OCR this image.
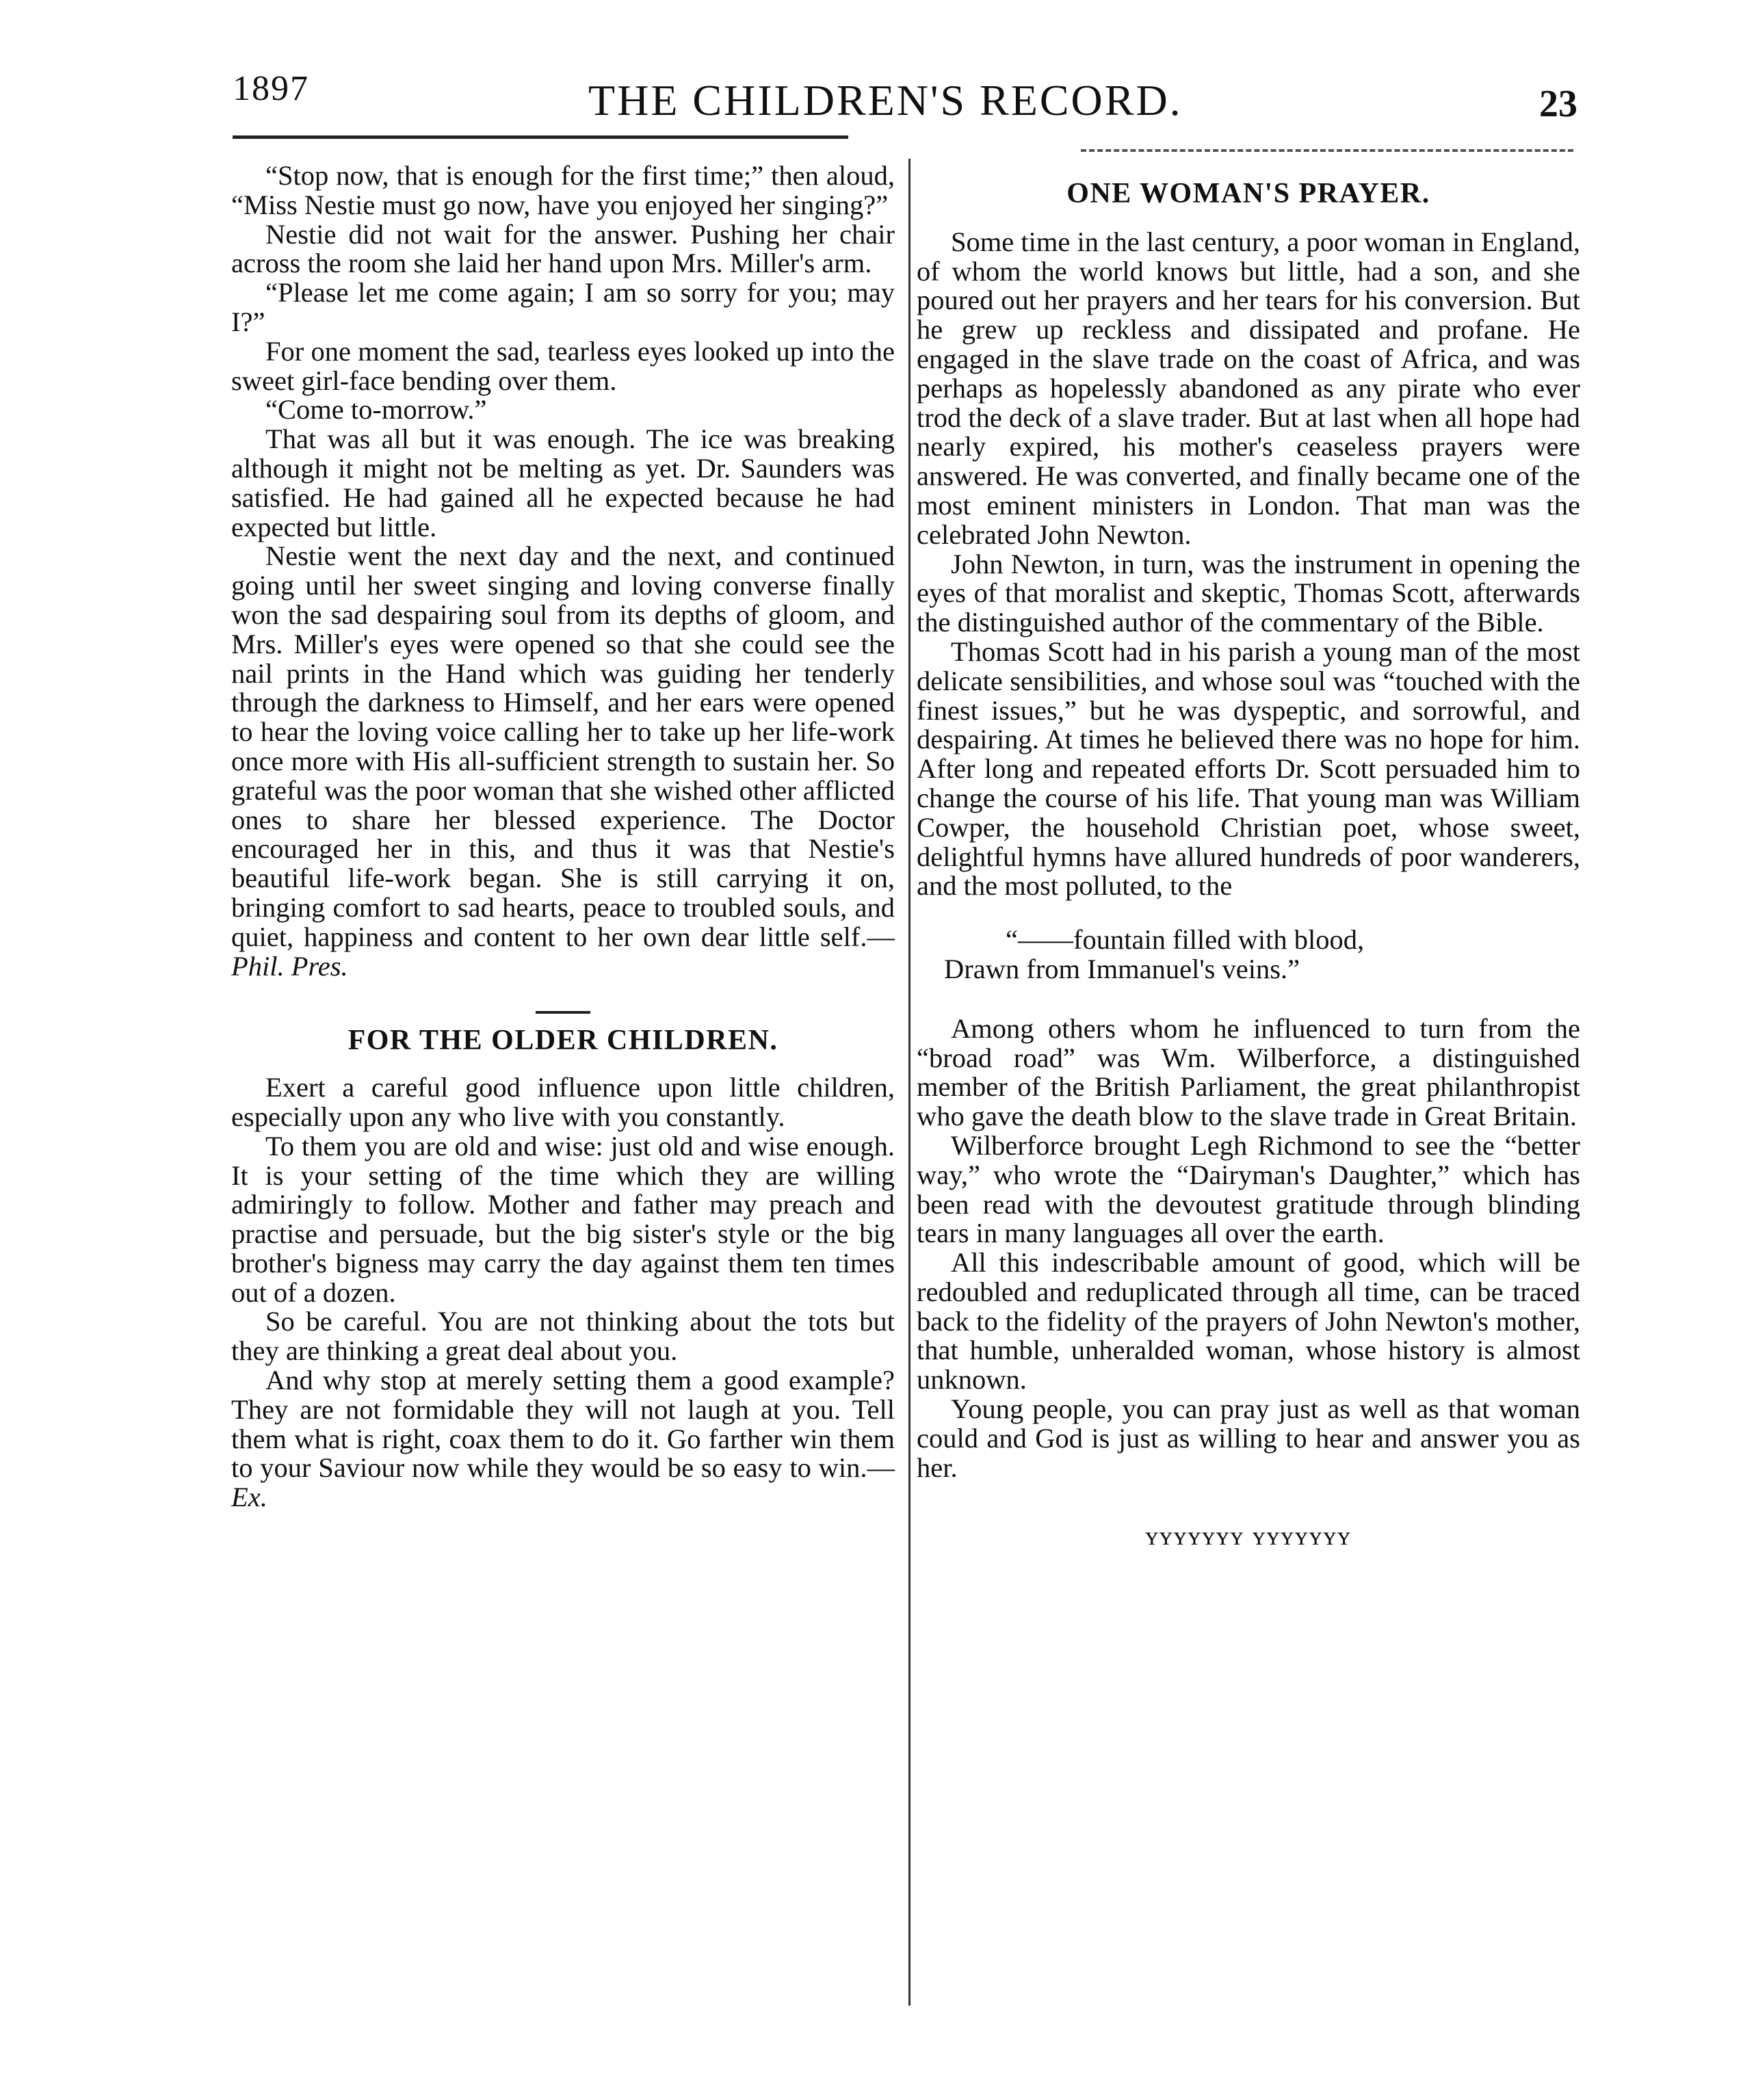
1897	THE CHILDREN'S RECORD.	23

“Stop now, that is enough for the first time;” then aloud, “Miss Nestie must go now, have you enjoyed her singing?”

Nestie did not wait for the answer. Pushing her chair across the room she laid her hand upon Mrs. Miller's arm.

“Please let me come again; I am so sorry for you; may I?”

For one moment the sad, tearless eyes looked up into the sweet girl-face bending over them.

“Come to-morrow.”

That was all but it was enough. The ice was breaking although it might not be melting as yet. Dr. Saunders was satisfied. He had gained all he expected because he had expected but little.

Nestie went the next day and the next, and continued going until her sweet singing and loving converse finally won the sad despairing soul from its depths of gloom, and Mrs. Miller's eyes were opened so that she could see the nail prints in the Hand which was guiding her tenderly through the darkness to Himself, and her ears were opened to hear the loving voice calling her to take up her life-work once more with His all-sufficient strength to sustain her. So grateful was the poor woman that she wished other afflicted ones to share her blessed experience. The Doctor encouraged her in this, and thus it was that Nestie's beautiful life-work began. She is still carrying it on, bringing comfort to sad hearts, peace to troubled souls, and quiet, happiness and content to her own dear little self.—Phil. Pres.

FOR THE OLDER CHILDREN.

Exert a careful good influence upon little children, especially upon any who live with you constantly.

To them you are old and wise: just old and wise enough. It is your setting of the time which they are willing admiringly to follow. Mother and father may preach and practise and persuade, but the big sister's style or the big brother's bigness may carry the day against them ten times out of a dozen.

So be careful. You are not thinking about the tots but they are thinking a great deal about you.

And why stop at merely setting them a good example? They are not formidable they will not laugh at you. Tell them what is right, coax them to do it. Go farther win them to your Saviour now while they would be so easy to win.—Ex.

ONE WOMAN'S PRAYER.

Some time in the last century, a poor woman in England, of whom the world knows but little, had a son, and she poured out her prayers and her tears for his conversion. But he grew up reckless and dissipated and profane. He engaged in the slave trade on the coast of Africa, and was perhaps as hopelessly abandoned as any pirate who ever trod the deck of a slave trader. But at last when all hope had nearly expired, his mother's ceaseless prayers were answered. He was converted, and finally became one of the most eminent ministers in London. That man was the celebrated John Newton.

John Newton, in turn, was the instrument in opening the eyes of that moralist and skeptic, Thomas Scott, afterwards the distinguished author of the commentary of the Bible.

Thomas Scott had in his parish a young man of the most delicate sensibilities, and whose soul was “touched with the finest issues,” but he was dyspeptic, and sorrowful, and despairing. At times he believed there was no hope for him. After long and repeated efforts Dr. Scott persuaded him to change the course of his life. That young man was William Cowper, the household Christian poet, whose sweet, delightful hymns have allured hundreds of poor wanderers, and the most polluted, to the

“——fountain filled with blood,
Drawn from Immanuel's veins.”

Among others whom he influenced to turn from the “broad road” was Wm. Wilberforce, a distinguished member of the British Parliament, the great philanthropist who gave the death blow to the slave trade in Great Britain.

Wilberforce brought Legh Richmond to see the “better way,” who wrote the “Dairyman's Daughter,” which has been read with the devoutest gratitude through blinding tears in many languages all over the earth.

All this indescribable amount of good, which will be redoubled and reduplicated through all time, can be traced back to the fidelity of the prayers of John Newton's mother, that humble, unheralded woman, whose history is almost unknown.

Young people, you can pray just as well as that woman could and God is just as willing to hear and answer you as her.

ʏʏʏʏʏʏʏ ʏʏʏʏʏʏʏ
